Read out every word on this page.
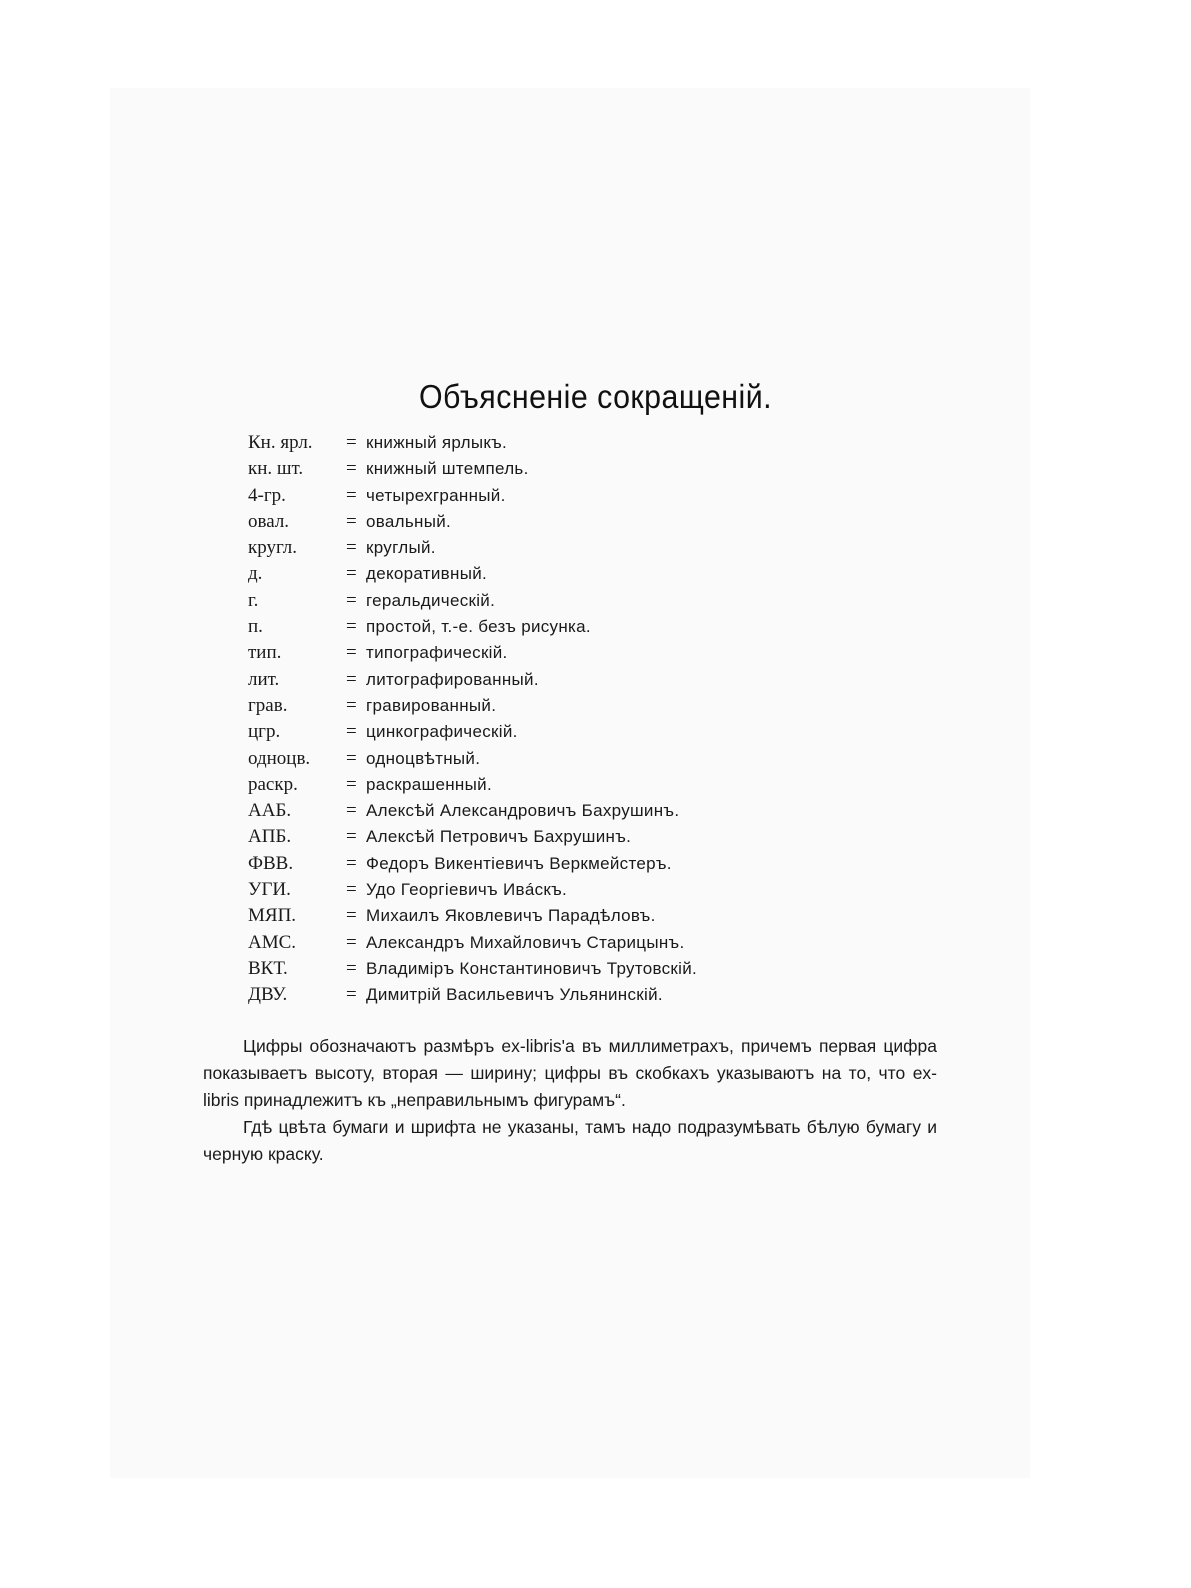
Объясненіе сокращеній.
Кн. ярл. = книжный ярлыкъ.
кн. шт. = книжный штемпель.
4-гр.	= четырехгранный.
овал.	= овальный.
кругл.	= круглый.
д.	= декоративный.
г.	= геральдическій.
п.	= простой, т.-е. безъ рисунка.
тип.	= типографическій.
лит.	= литографированный.
грав.	= гравированный.
цгр.	= цинкографическій.
одноцв. = одноцвѣтный.
раскр.	= раскрашенный.
ААБ.	= Алексѣй Александровичъ Бахрушинъ.
АПБ.	= Алексѣй Петровичъ Бахрушинъ.
ФВВ.	= Федоръ Викентіевичъ Веркмейстеръ.
УГИ.	= Удо Георгіевичъ Ивáскъ.
МЯП.	= Михаилъ Яковлевичъ Парадѣловъ.
АМС.	= Александръ Михайловичъ Старицынъ.
ВКТ.	= Владиміръ Константиновичъ Трутовскій.
ДВУ.	= Димитрій Васильевичъ Ульянинскій.

Цифры обозначаютъ размѣръ ex-libris'а въ миллиметрахъ, причемъ первая цифра показываетъ высоту, вторая — ширину; цифры въ скобкахъ указываютъ на то, что ex-libris принадлежитъ къ „неправильнымъ фигурамъ“.

Гдѣ цвѣта бумаги и шрифта не указаны, тамъ надо подразумѣвать бѣлую бумагу и черную краску.
